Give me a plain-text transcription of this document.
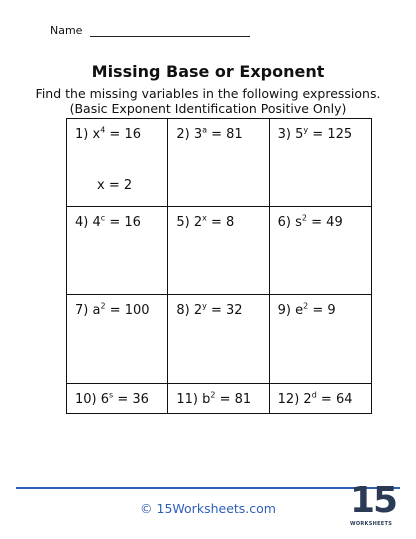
Name
Missing Base or Exponent
Find the missing variables in the following expressions.
(Basic Exponent Identification Positive Only)
1) $x^4 = 16$
x = 2
2) $3^a = 81$	3) $5^y = 125$
4) $4^c = 16$	5) $2^x = 8$	6) $s^2 = 49$
7) $a^2 = 100$ 8) $2^y = 32$	9) $e^2 = 9$
10) $6^s = 36$ 11) $b^2 = 81$ 12) $2^d = 64$
© 15Worksheets.com	15
WORKSHEETS
